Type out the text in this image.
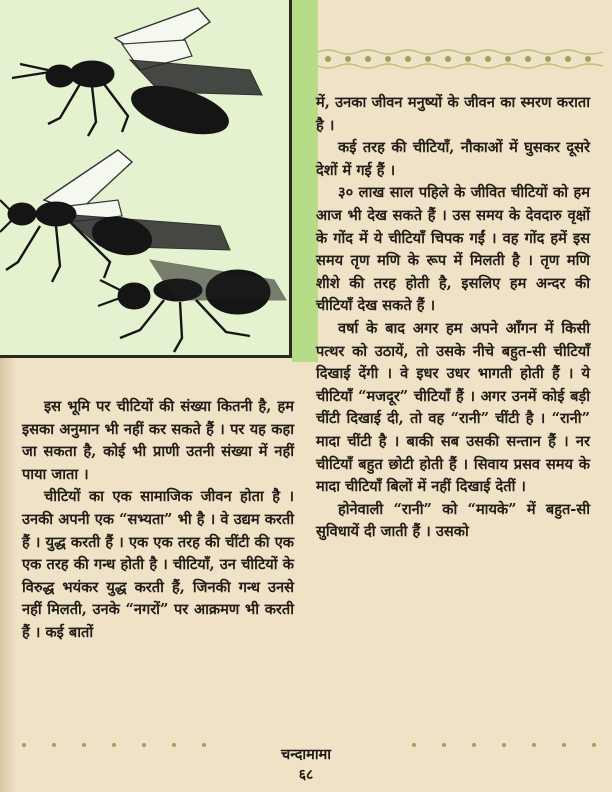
में, उनका जीवन मनुष्यों के जीवन का स्मरण कराता है ।

कई तरह की चीटियाँ, नौकाओं में घुसकर दूसरे देशों में गई हैं ।

३० लाख साल पहिले के जीवित चीटियों को हम आज भी देख सकते हैं । उस समय के देवदारु वृक्षों के गोंद में ये चीटियाँ चिपक गईं । वह गोंद हमें इस समय तृण मणि के रूप में मिलती है । तृण मणि शीशे की तरह होती है, इसलिए हम अन्दर की चीटियाँ देख सकते हैं ।

वर्षा के बाद अगर हम अपने आँगन में किसी पत्थर को उठायें, तो उसके नीचे बहुत-सी चीटियाँ दिखाई देंगी । वे इधर उधर भागती होती हैं । ये चीटियाँ “मजदूर” चीटियाँ हैं । अगर उनमें कोई बड़ी चींटी दिखाई दी, तो वह “रानी” चींटी है । “रानी” मादा चींटी है । बाकी सब उसकी सन्तान हैं । नर चीटियाँ बहुत छोटी होती हैं । सिवाय प्रसव समय के मादा चीटियाँ बिलों में नहीं दिखाई देतीं ।

होनेवाली “रानी” को “मायके” में बहुत-सी सुविधायें दी जाती हैं । उसको

इस भूमि पर चीटियों की संख्या कितनी है, हम इसका अनुमान भी नहीं कर सकते हैं । पर यह कहा जा सकता है, कोई भी प्राणी उतनी संख्या में नहीं पाया जाता ।

चीटियों का एक सामाजिक जीवन होता है । उनकी अपनी एक “सभ्यता” भी है । वे उद्यम करती हैं । युद्ध करती हैं । एक एक तरह की चींटी की एक एक तरह की गन्ध होती है । चीटियाँ, उन चीटियों के विरुद्ध भयंकर युद्ध करती हैं, जिनकी गन्ध उनसे नहीं मिलती, उनके “नगरों” पर आक्रमण भी करती हैं । कई बातों

चन्दामामा
६८
